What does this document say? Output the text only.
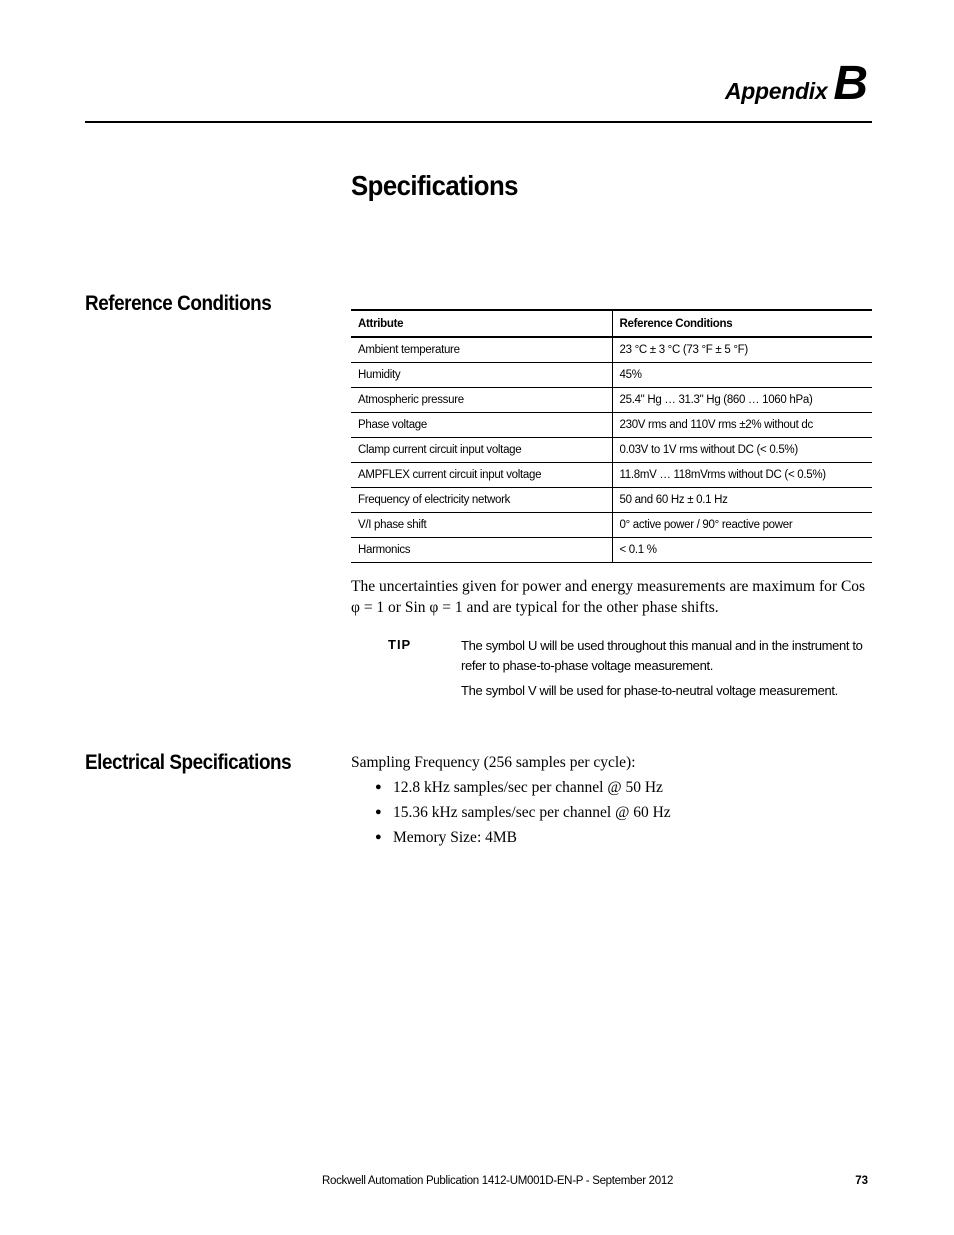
Appendix B
Specifications
Reference Conditions
Attribute	Reference Conditions
Ambient temperature	23 °C ± 3 °C (73 °F ± 5 °F)
Humidity	45%
Atmospheric pressure	25.4" Hg … 31.3" Hg (860 … 1060 hPa)
Phase voltage	230V rms and 110V rms ±2% without dc
Clamp current circuit input voltage	0.03V to 1V rms without DC (< 0.5%)
AMPFLEX current circuit input voltage	11.8mV … 118mVrms without DC (< 0.5%)
Frequency of electricity network	50 and 60 Hz ± 0.1 Hz
V/I phase shift	0° active power / 90° reactive power
Harmonics	< 0.1 %

The uncertainties given for power and energy measurements are maximum for Cos φ = 1 or Sin φ = 1 and are typical for the other phase shifts.

TIP	The symbol U will be used throughout this manual and in the instrument to refer to phase-to-phase voltage measurement.

The symbol V will be used for phase-to-neutral voltage measurement.

Electrical Specifications	Sampling Frequency (256 samples per cycle):

● 12.8 kHz samples/sec per channel @ 50 Hz
● 15.36 kHz samples/sec per channel @ 60 Hz
● Memory Size: 4MB
Rockwell Automation Publication 1412-UM001D-EN-P - September 2012	73
